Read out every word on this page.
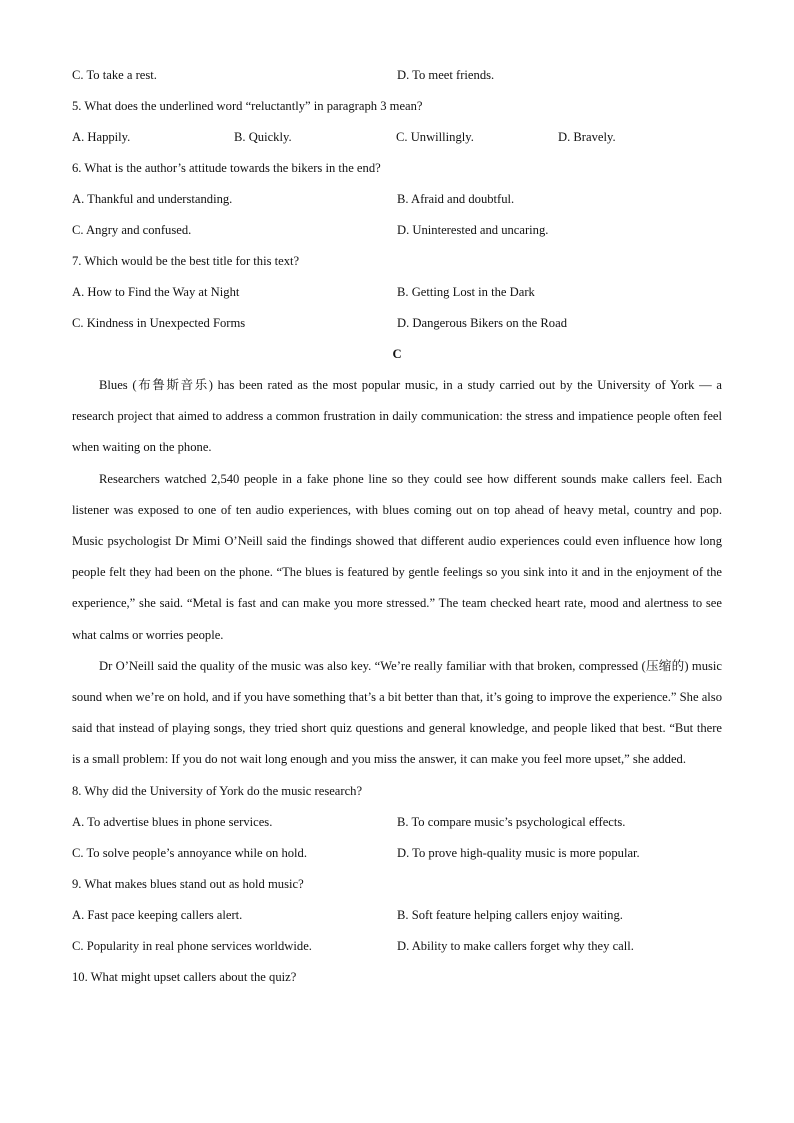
C. To take a rest.	D. To meet friends.
5. What does the underlined word “reluctantly” in paragraph 3 mean?
A. Happily.	B. Quickly.	C. Unwillingly.	D. Bravely.
6. What is the author’s attitude towards the bikers in the end?
A. Thankful and understanding.	B. Afraid and doubtful.
C. Angry and confused.	D. Uninterested and uncaring.
7. Which would be the best title for this text?
A. How to Find the Way at Night	B. Getting Lost in the Dark
C. Kindness in Unexpected Forms	D. Dangerous Bikers on the Road
C

Blues (布鲁斯音乐) has been rated as the most popular music, in a study carried out by the University of York — a research project that aimed to address a common frustration in daily communication: the stress and impatience people often feel when waiting on the phone.

Researchers watched 2,540 people in a fake phone line so they could see how different sounds make callers feel. Each listener was exposed to one of ten audio experiences, with blues coming out on top ahead of heavy metal, country and pop. Music psychologist Dr Mimi O’Neill said the findings showed that different audio experiences could even influence how long people felt they had been on the phone. “The blues is featured by gentle feelings so you sink into it and in the enjoyment of the experience,” she said. “Metal is fast and can make you more stressed.” The team checked heart rate, mood and alertness to see what calms or worries people.

Dr O’Neill said the quality of the music was also key. “We’re really familiar with that broken, compressed (压缩的) music sound when we’re on hold, and if you have something that’s a bit better than that, it’s going to improve the experience.” She also said that instead of playing songs, they tried short quiz questions and general knowledge, and people liked that best. “But there is a small problem: If you do not wait long enough and you miss the answer, it can make you feel more upset,” she added.

8. Why did the University of York do the music research?
A. To advertise blues in phone services.	B. To compare music’s psychological effects.
C. To solve people’s annoyance while on hold.	D. To prove high-quality music is more popular.
9. What makes blues stand out as hold music?
A. Fast pace keeping callers alert.	B. Soft feature helping callers enjoy waiting.
C. Popularity in real phone services worldwide.	D. Ability to make callers forget why they call.
10. What might upset callers about the quiz?
